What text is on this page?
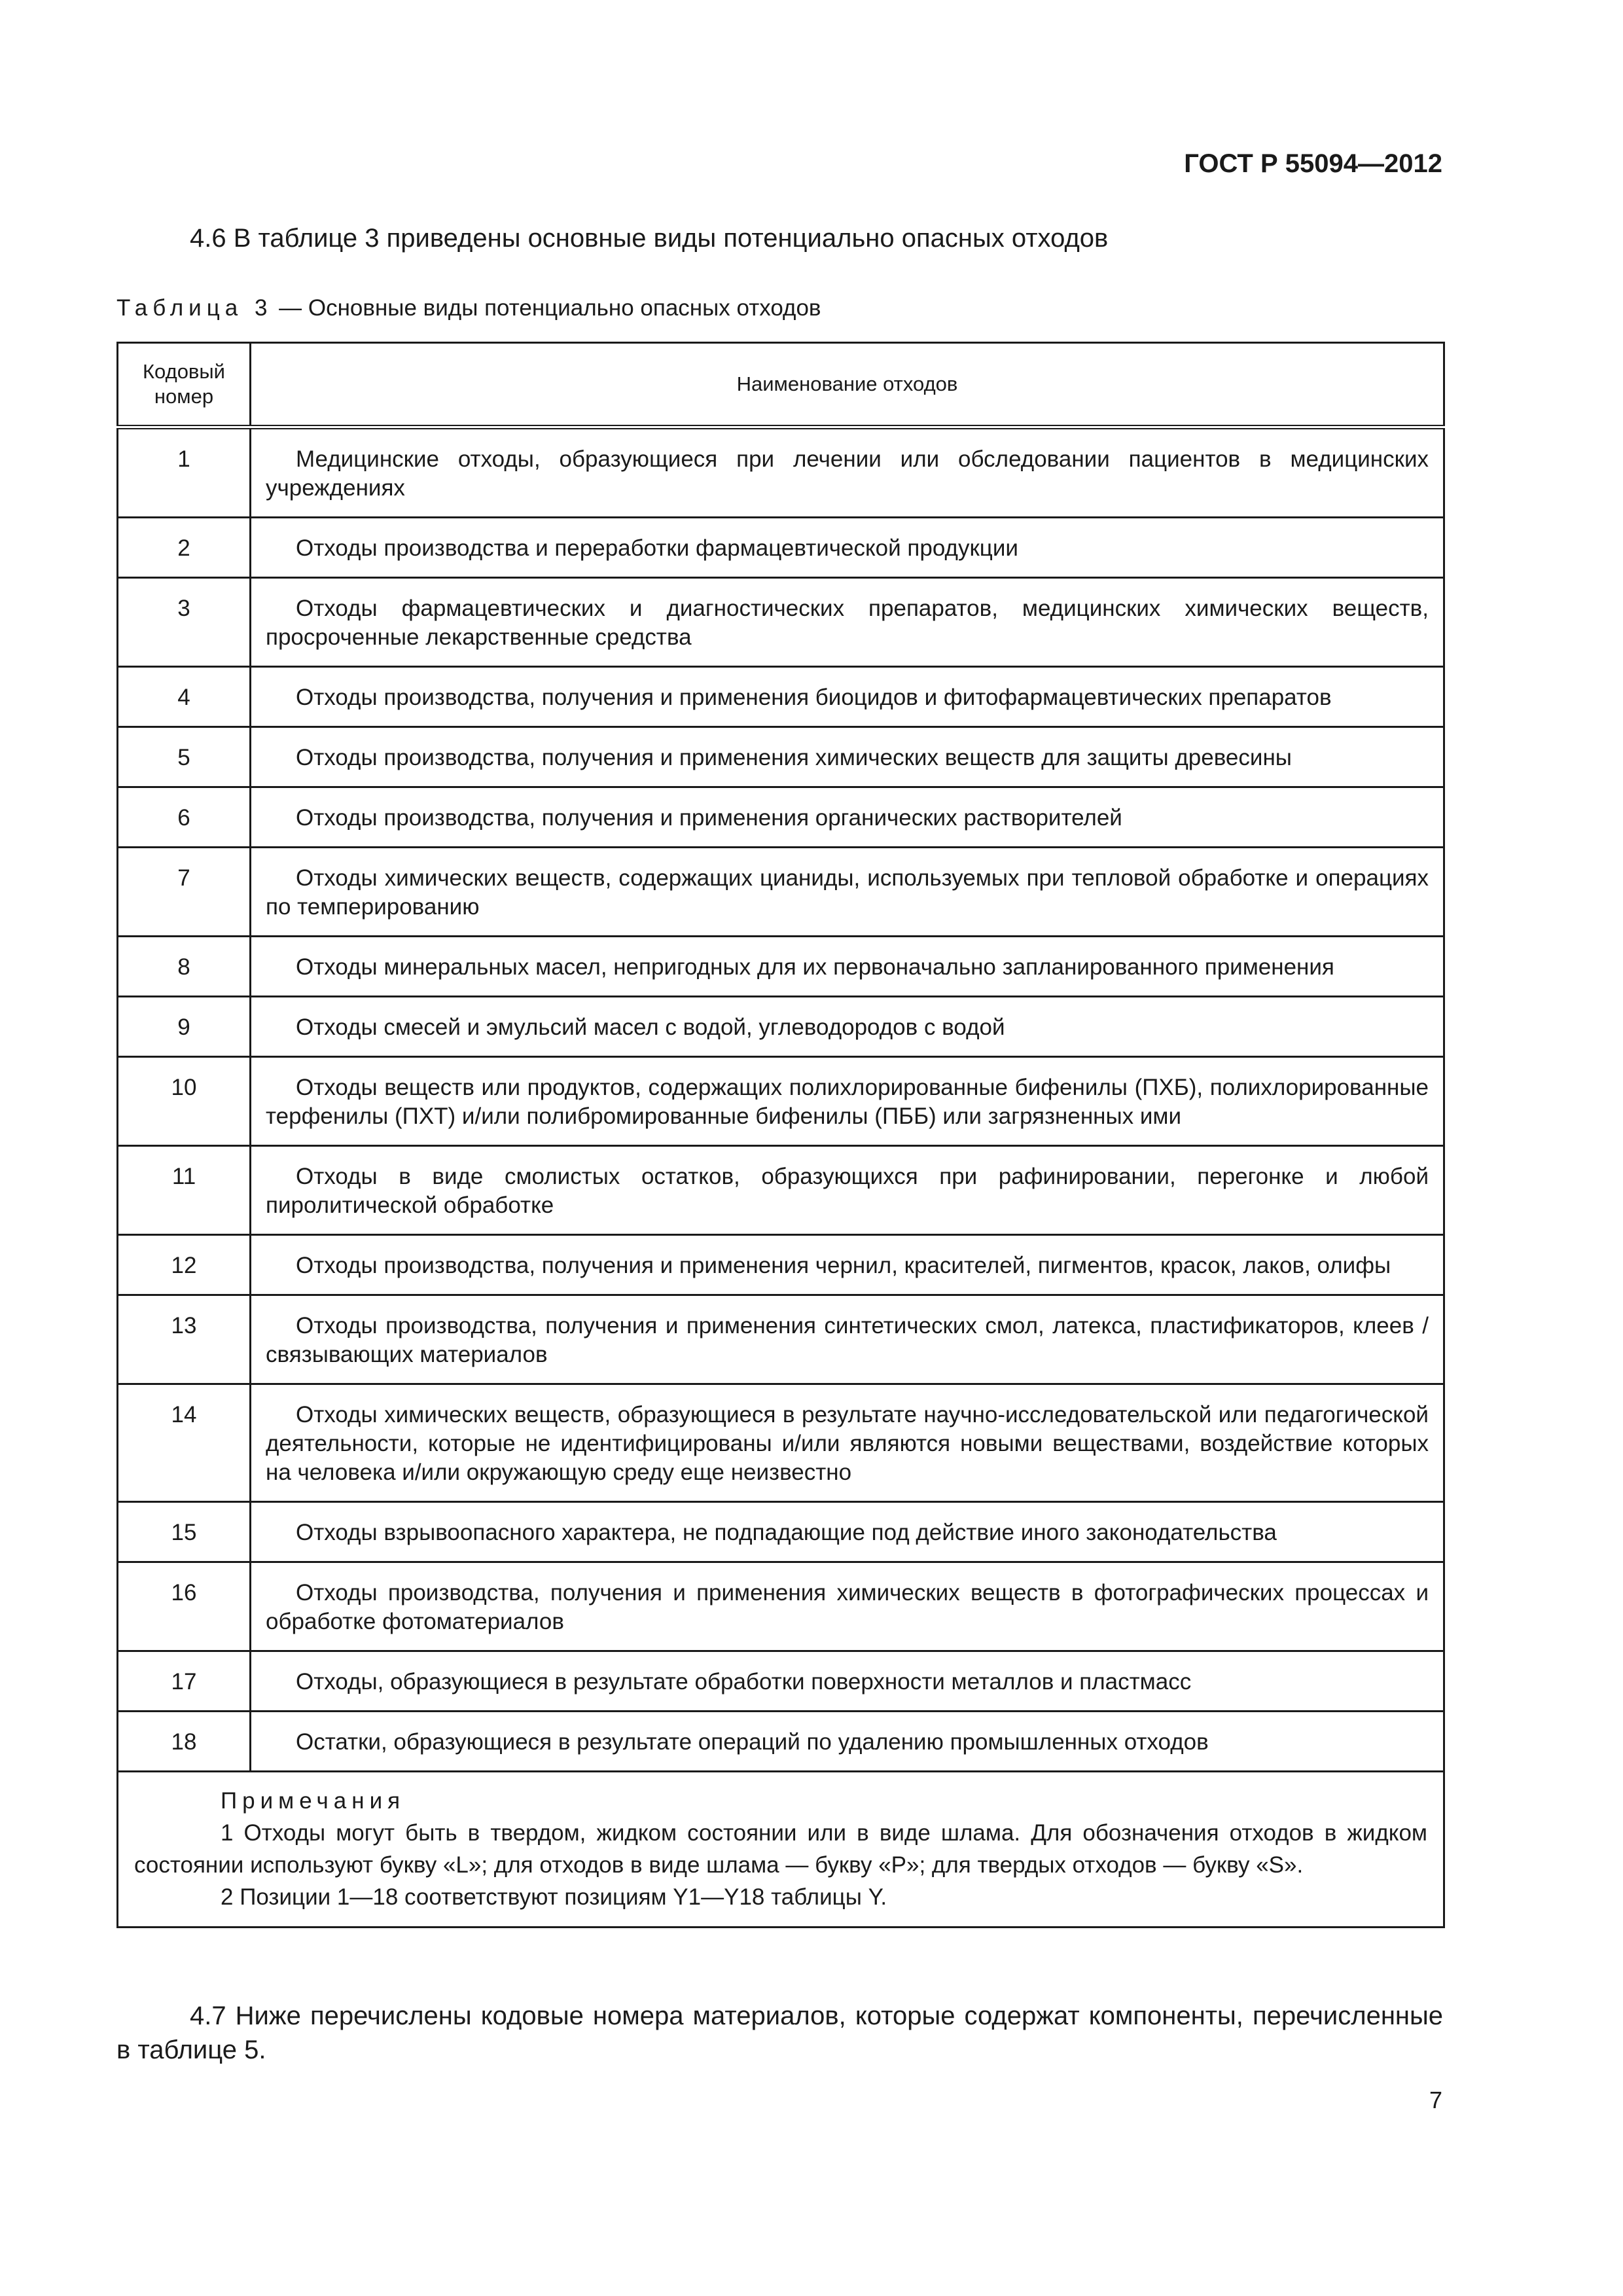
ГОСТ Р 55094—2012
4.6 В таблице 3 приведены основные виды потенциально опасных отходов
Таблица 3 — Основные виды потенциально опасных отходов
Кодовый номер	Наименование отходов
1	Медицинские отходы, образующиеся при лечении или обследовании пациентов в медицинских учреждениях
2	Отходы производства и переработки фармацевтической продукции
3	Отходы фармацевтических и диагностических препаратов, медицинских химических веществ, просроченные лекарственные средства
4	Отходы производства, получения и применения биоцидов и фитофармацевтических препаратов
5	Отходы производства, получения и применения химических веществ для защиты древесины
6	Отходы производства, получения и применения органических растворителей
7	Отходы химических веществ, содержащих цианиды, используемых при тепловой обработке и операциях по темперированию
8	Отходы минеральных масел, непригодных для их первоначально запланированного применения
9	Отходы смесей и эмульсий масел с водой, углеводородов с водой
10	Отходы веществ или продуктов, содержащих полихлорированные бифенилы (ПХБ), полихлорированные терфенилы (ПХТ) и/или полибромированные бифенилы (ПББ) или загрязненных ими
11	Отходы в виде смолистых остатков, образующихся при рафинировании, перегонке и любой пиролитической обработке
12	Отходы производства, получения и применения чернил, красителей, пигментов, красок, лаков, олифы
13	Отходы производства, получения и применения синтетических смол, латекса, пластификаторов, клеев /связывающих материалов
14	Отходы химических веществ, образующиеся в результате научно-исследовательской или педагогической деятельности, которые не идентифицированы и/или являются новыми веществами, воздействие которых на человека и/или окружающую среду еще неизвестно
15	Отходы взрывоопасного характера, не подпадающие под действие иного законодательства
16	Отходы производства, получения и применения химических веществ в фотографических процессах и обработке фотоматериалов
17	Отходы, образующиеся в результате обработки поверхности металлов и пластмасс
18	Остатки, образующиеся в результате операций по удалению промышленных отходов

Примечания
1 Отходы могут быть в твердом, жидком состоянии или в виде шлама. Для обозначения отходов в жидком состоянии используют букву «L»; для отходов в виде шлама — букву «P»; для твердых отходов — букву «S».
2 Позиции 1—18 соответствуют позициям Y1—Y18 таблицы Y.	
4.7 Ниже перечислены кодовые номера материалов, которые содержат компоненты, перечисленные в таблице 5.
7
